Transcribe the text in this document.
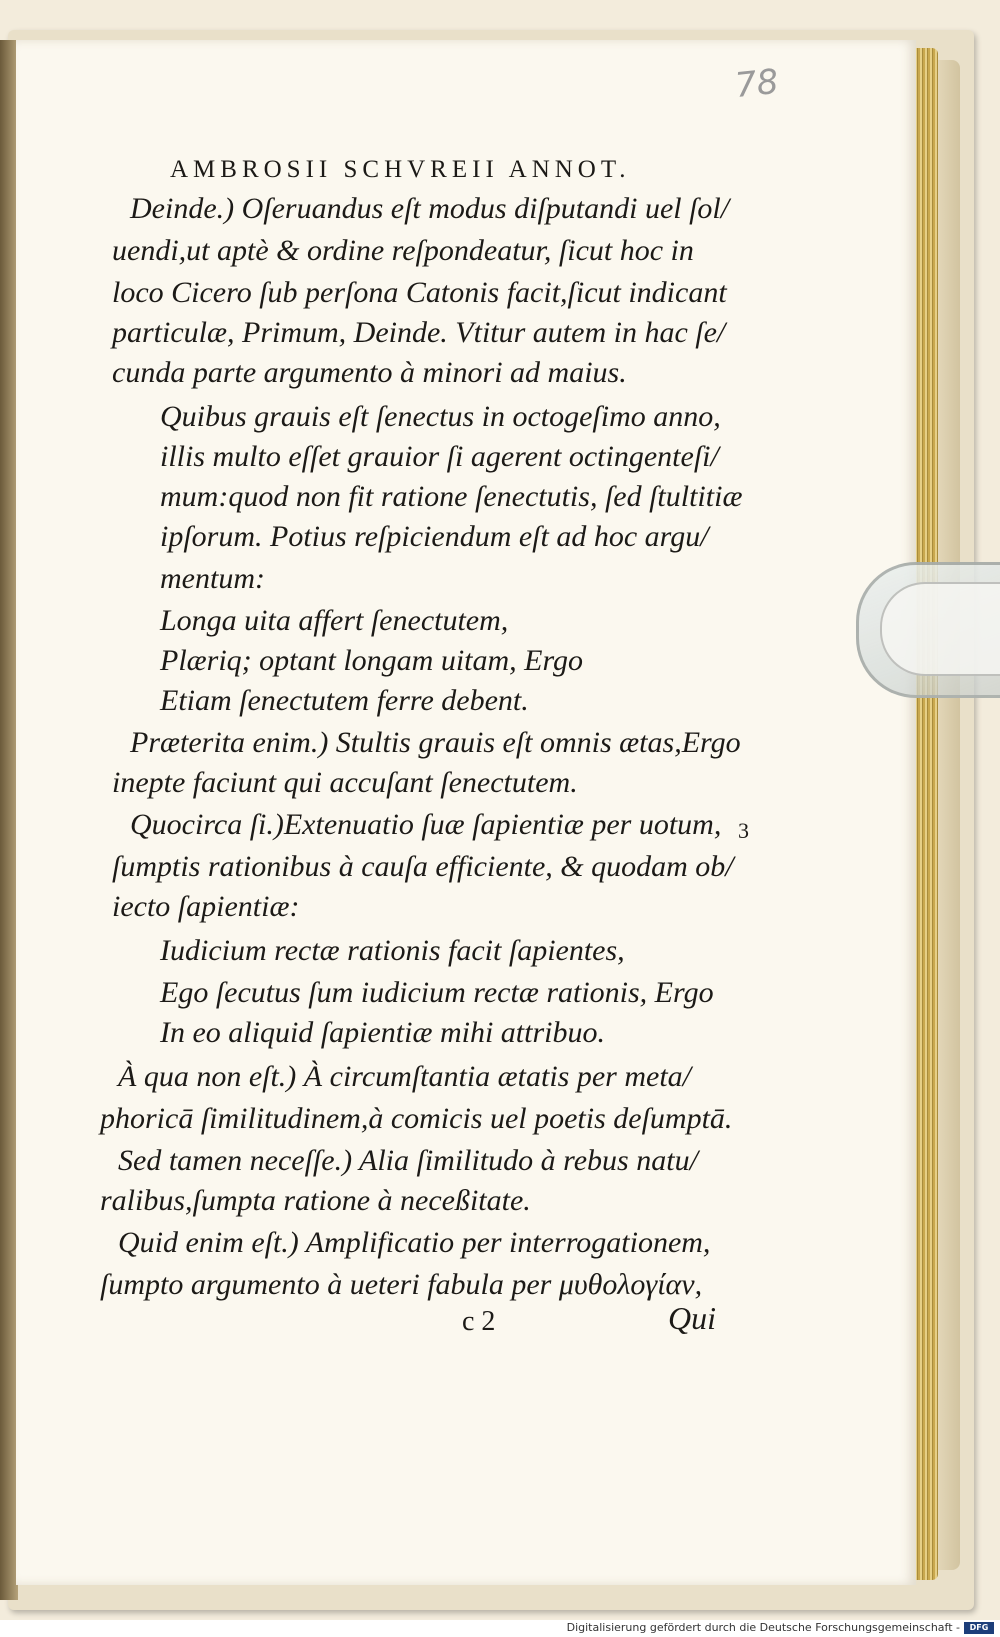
78
AMBROSII SCHVREII ANNOT.
Deinde.) Oſeruandus eſt modus diſputandi uel ſol/
uendi,ut aptè & ordine reſpondeatur, ſicut hoc in
loco Cicero ſub perſona Catonis facit,ſicut indicant
particulæ, Primum, Deinde. Vtitur autem in hac ſe/
cunda parte argumento à minori ad maius.
Quibus grauis eſt ſenectus in octogeſimo anno,
illis multo eſſet grauior ſi agerent octingenteſi/
mum:quod non fit ratione ſenectutis, ſed ſtultitiæ
ipſorum. Potius reſpiciendum eſt ad hoc argu/
mentum:
Longa uita affert ſenectutem,
Plæriq; optant longam uitam, Ergo
Etiam ſenectutem ferre debent.
Præterita enim.) Stultis grauis eſt omnis ætas,Ergo
inepte faciunt qui accuſant ſenectutem.
Quocirca ſi.)Extenuatio ſuæ ſapientiæ per uotum,
ſumptis rationibus à cauſa efficiente, & quodam ob/
iecto ſapientiæ:
Iudicium rectæ rationis facit ſapientes,
Ego ſecutus ſum iudicium rectæ rationis, Ergo
In eo aliquid ſapientiæ mihi attribuo.
À qua non eſt.) À circumſtantia ætatis per meta/
phoricā ſimilitudinem,à comicis uel poetis deſumptā.
Sed tamen neceſſe.) Alia ſimilitudo à rebus natu/
ralibus,ſumpta ratione à neceßitate.
Quid enim eſt.) Amplificatio per interrogationem,
ſumpto argumento à ueteri fabula per μυθολογίαν,
3
c 2	Qui
Digitalisierung gefördert durch die Deutsche Forschungsgemeinschaft -	DFG
